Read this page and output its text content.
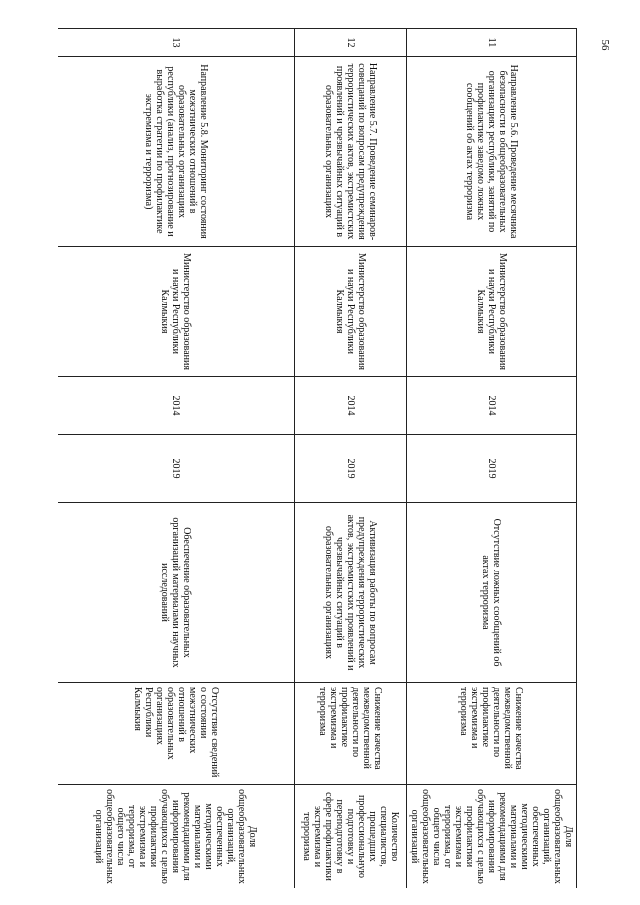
56
11	Направление 5.6. Проведение месячника безопасности в общеобразовательных организациях республики, занятий по профилактике заведомо ложных сообщений об актах терроризма	Министерство образования и науки Республики Калмыкия	2014	2019	Отсутствие ложных сообщений об актах терроризма	Снижение качества межведомственной деятельности по профилактике экстремизма и терроризма	Доля общеобразовательных организаций, обеспеченных методическими материалами и рекомендациями для информирования обучающихся с целью профилактики экстремизма и терроризма, от общего числа общеобразовательных организаций
12	Направление 5.7. Проведение семинаров-совещаний по вопросам предупреждения террористических актов, экстремистских проявлений и чрезвычайных ситуаций в образовательных организациях	Министерство образования и науки Республики Калмыкия	2014	2019	Активизация работы по вопросам предупреждения террористических актов, экстремистских проявлений и чрезвычайных ситуаций в образовательных организациях	Снижение качества межведомственной деятельности по профилактике экстремизма и терроризма	Количество специалистов, прошедших профессиональную подготовку и переподготовку в сфере профилактики экстремизма и терроризма
13	Направление 5.8. Мониторинг состояния межэтнических отношений в образовательных организациях республики (анализ, прогнозирование и выработка стратегии по профилактике экстремизма и терроризма)	Министерство образования и науки Республики Калмыкия	2014	2019	Обеспечение образовательных организаций материалами научных исследований	Отсутствие сведений о состоянии межэтнических отношений в образовательных организациях Республики Калмыкия	Доля общеобразовательных организаций, обеспеченных методическими материалами и рекомендациями для информирования обучающихся с целью профилактики экстремизма и терроризма, от общего числа общеобразовательных организаций
